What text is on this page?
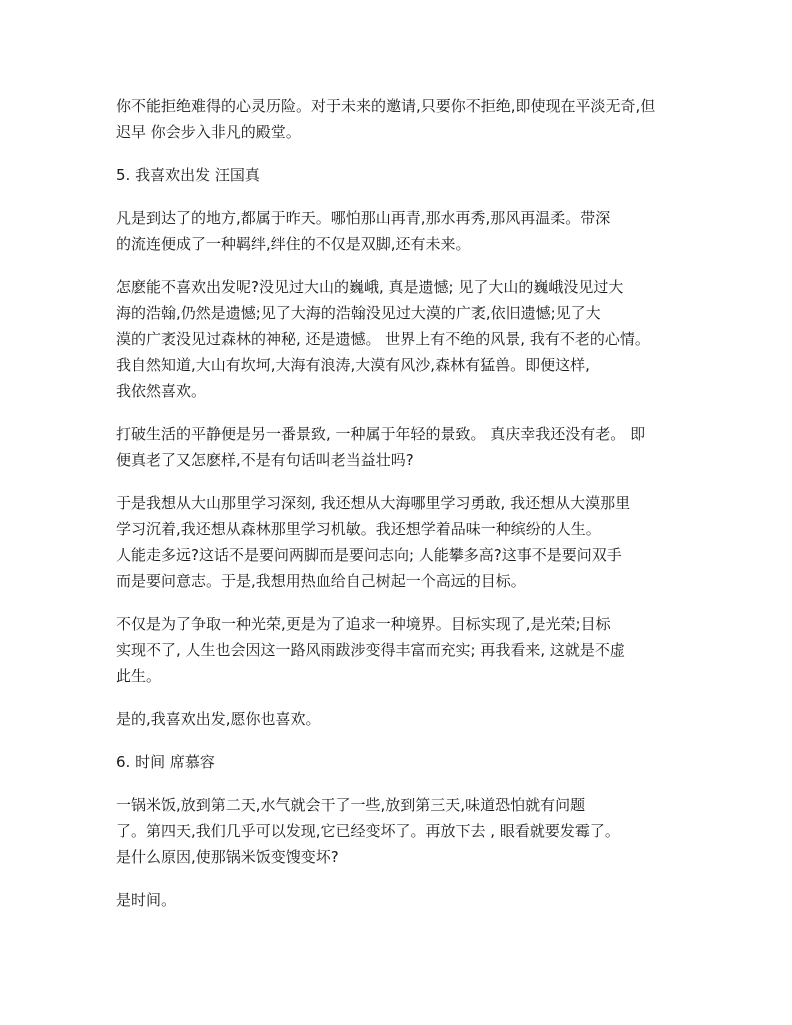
你不能拒绝难得的心灵历险。对于未来的邀请,只要你不拒绝,即使现在平淡无奇,但
迟早 你会步入非凡的殿堂。

5. 我喜欢出发 汪国真

凡是到达了的地方,都属于昨天。哪怕那山再青,那水再秀,那风再温柔。带深
的流连便成了一种羁绊,绊住的不仅是双脚,还有未来。

怎麽能不喜欢出发呢?没见过大山的巍峨, 真是遗憾; 见了大山的巍峨没见过大
海的浩翰,仍然是遗憾;见了大海的浩翰没见过大漠的广袤,依旧遗憾;见了大
漠的广袤没见过森林的神秘, 还是遗憾。 世界上有不绝的风景, 我有不老的心情。
我自然知道,大山有坎坷,大海有浪涛,大漠有风沙,森林有猛兽。即便这样,
我依然喜欢。

打破生活的平静便是另一番景致, 一种属于年轻的景致。 真庆幸我还没有老。 即
便真老了又怎麽样,不是有句话叫老当益壮吗?

于是我想从大山那里学习深刻, 我还想从大海哪里学习勇敢, 我还想从大漠那里
学习沉着,我还想从森林那里学习机敏。我还想学着品味一种缤纷的人生。
人能走多远?这话不是要问两脚而是要问志向; 人能攀多高?这事不是要问双手
而是要问意志。于是,我想用热血给自己树起一个高远的目标。

不仅是为了争取一种光荣,更是为了追求一种境界。目标实现了,是光荣;目标
实现不了, 人生也会因这一路风雨跋涉变得丰富而充实; 再我看来, 这就是不虚
此生。

是的,我喜欢出发,愿你也喜欢。

6. 时间 席慕容

一锅米饭,放到第二天,水气就会干了一些,放到第三天,味道恐怕就有问题
了。第四天,我们几乎可以发现,它已经变坏了。再放下去 , 眼看就要发霉了。
是什么原因,使那锅米饭变馊变坏?

是时间。
